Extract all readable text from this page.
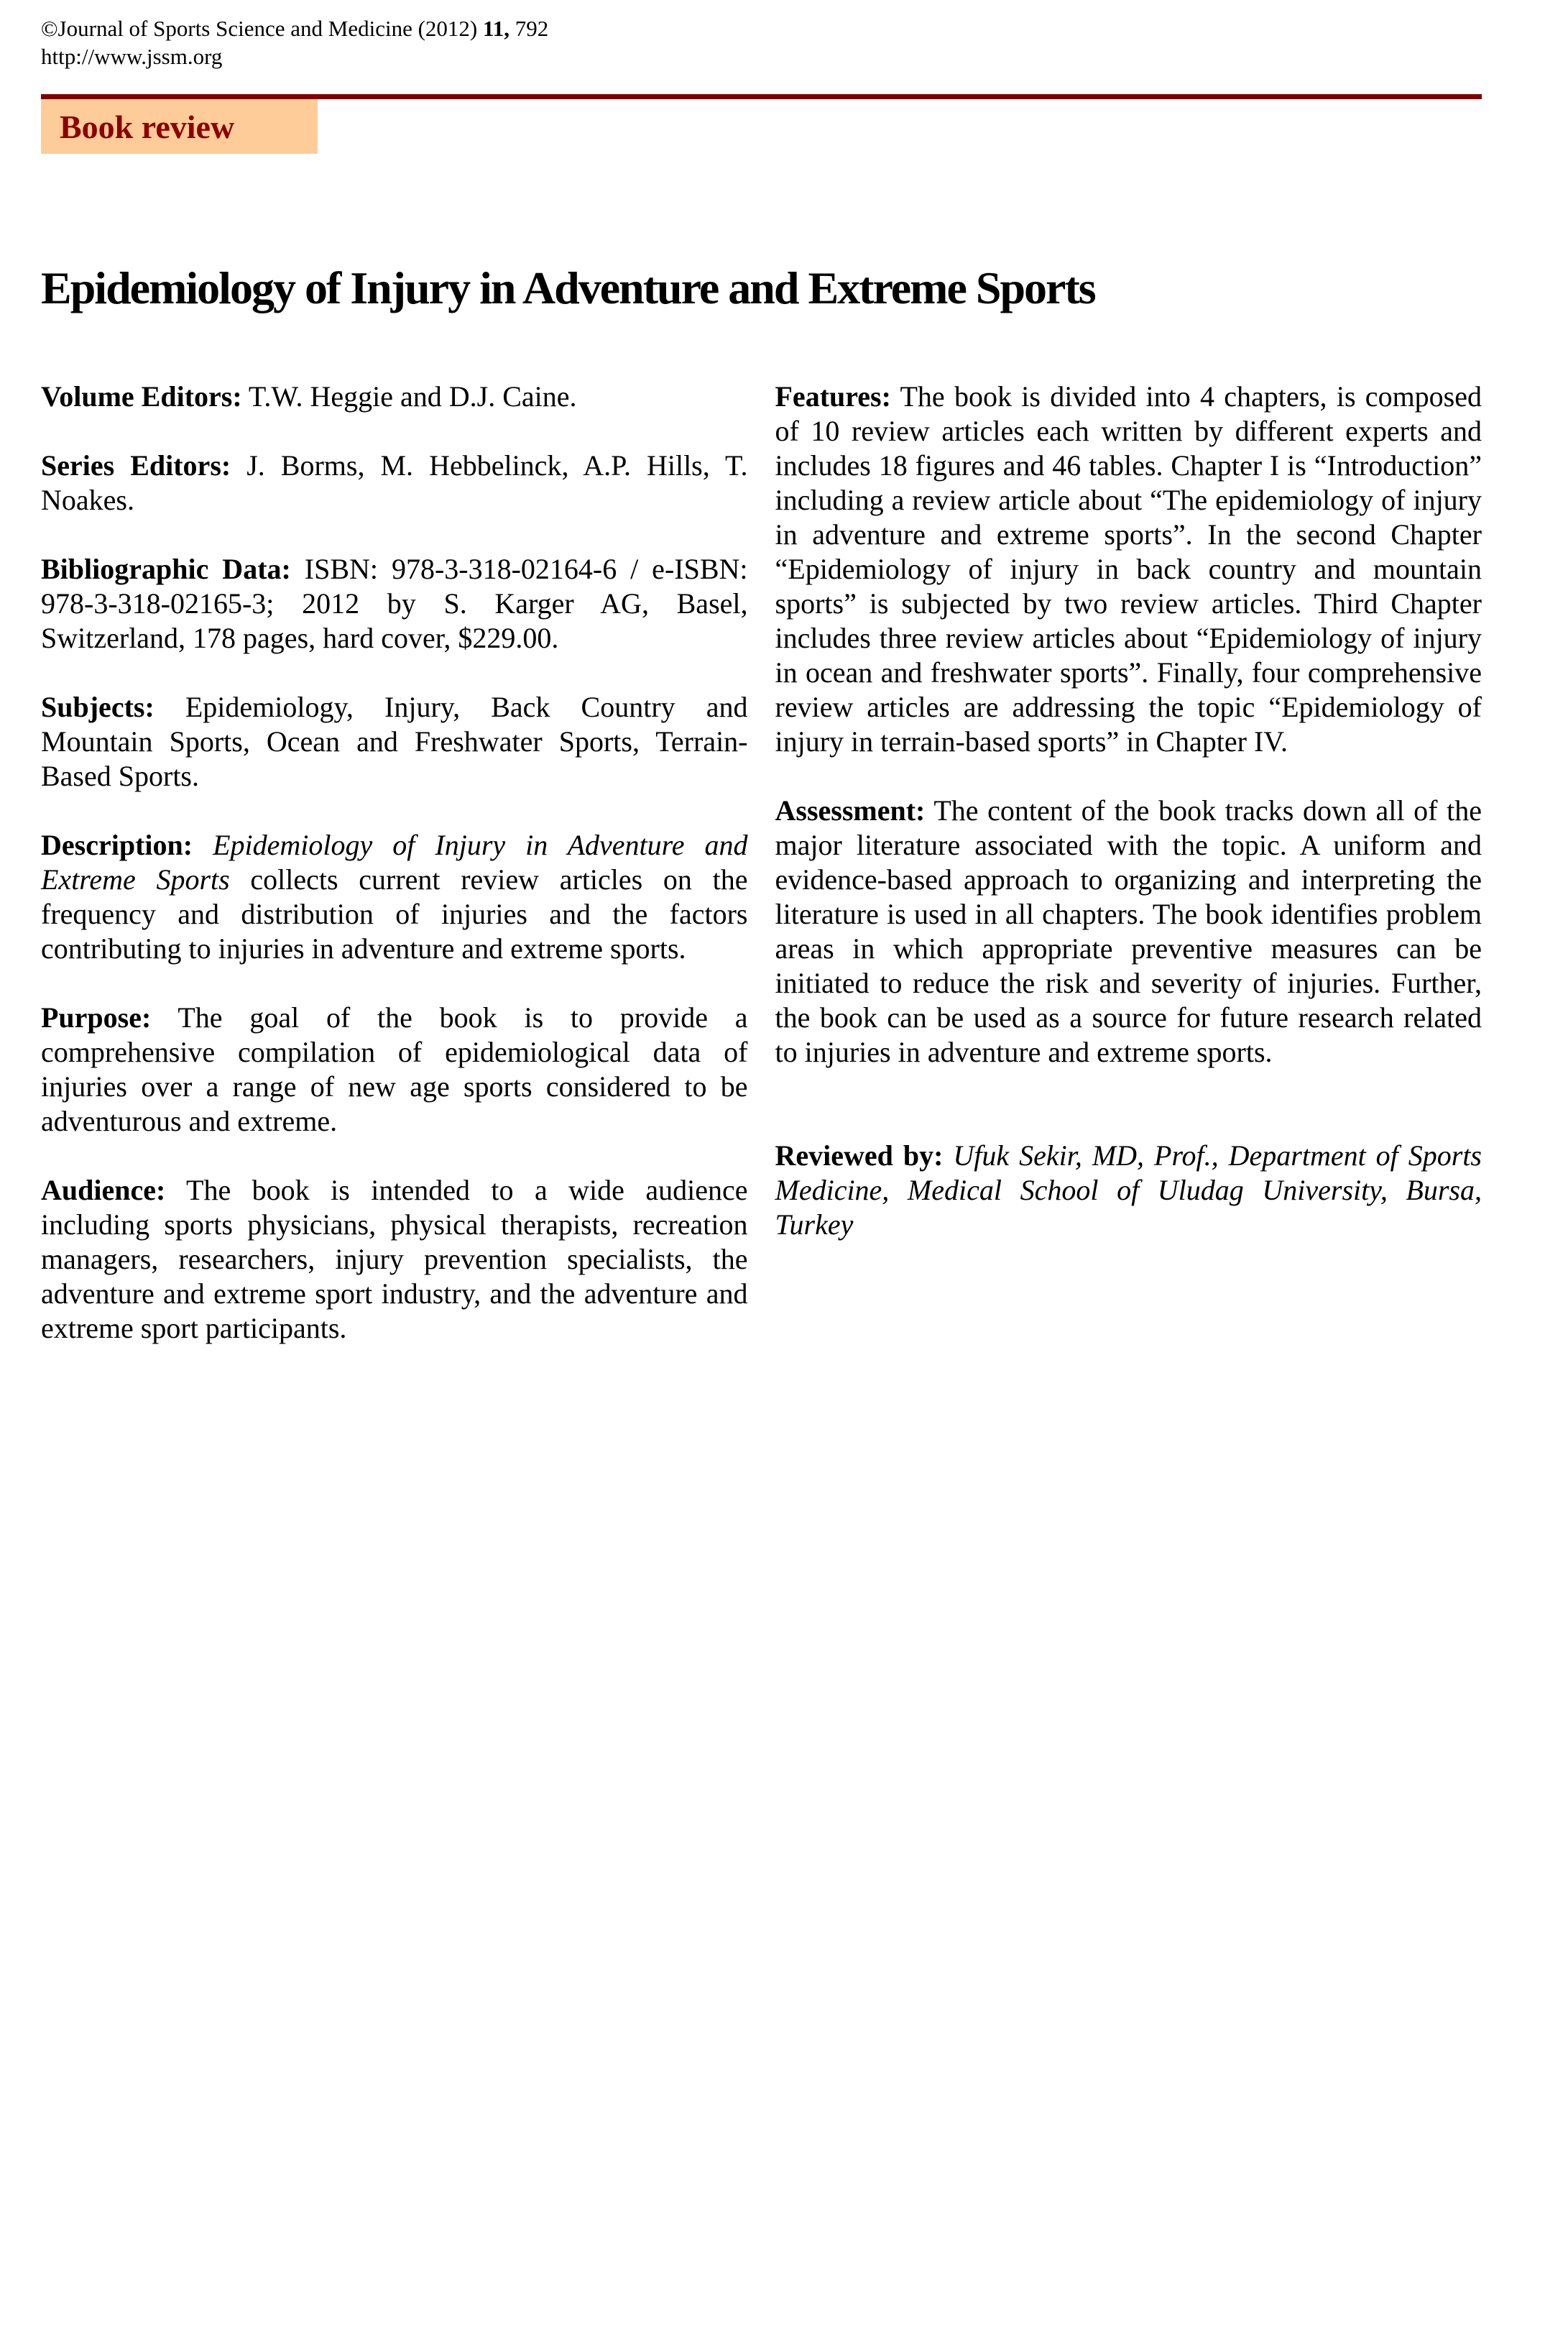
©Journal of Sports Science and Medicine (2012) 11, 792
http://www.jssm.org
Book review
Epidemiology of Injury in Adventure and Extreme Sports

Volume Editors: T.W. Heggie and D.J. Caine.

Series Editors: J. Borms, M. Hebbelinck, A.P. Hills, T. Noakes.

Bibliographic Data: ISBN: 978-3-318-02164-6 / e-ISBN: 978-3-318-02165-3; 2012 by S. Karger AG, Basel, Switzerland, 178 pages, hard cover, $229.00.

Subjects: Epidemiology, Injury, Back Country and Mountain Sports, Ocean and Freshwater Sports, Terrain-Based Sports.

Description: Epidemiology of Injury in Adventure and Extreme Sports collects current review articles on the frequency and distribution of injuries and the factors contributing to injuries in adventure and extreme sports.

Purpose: The goal of the book is to provide a comprehensive compilation of epidemiological data of injuries over a range of new age sports considered to be adventurous and extreme.

Audience: The book is intended to a wide audience including sports physicians, physical therapists, recreation managers, researchers, injury prevention specialists, the adventure and extreme sport industry, and the adventure and extreme sport participants.

Features: The book is divided into 4 chapters, is composed of 10 review articles each written by different experts and includes 18 figures and 46 tables. Chapter I is “Introduction” including a review article about “The epidemiology of injury in adventure and extreme sports”. In the second Chapter “Epidemiology of injury in back country and mountain sports” is subjected by two review articles. Third Chapter includes three review articles about “Epidemiology of injury in ocean and freshwater sports”. Finally, four comprehensive review articles are addressing the topic “Epidemiology of injury in terrain-based sports” in Chapter IV.

Assessment: The content of the book tracks down all of the major literature associated with the topic. A uniform and evidence-based approach to organizing and interpreting the literature is used in all chapters. The book identifies problem areas in which appropriate preventive measures can be initiated to reduce the risk and severity of injuries. Further, the book can be used as a source for future research related to injuries in adventure and extreme sports.

Reviewed by: Ufuk Sekir, MD, Prof., Department of Sports Medicine, Medical School of Uludag University, Bursa, Turkey
